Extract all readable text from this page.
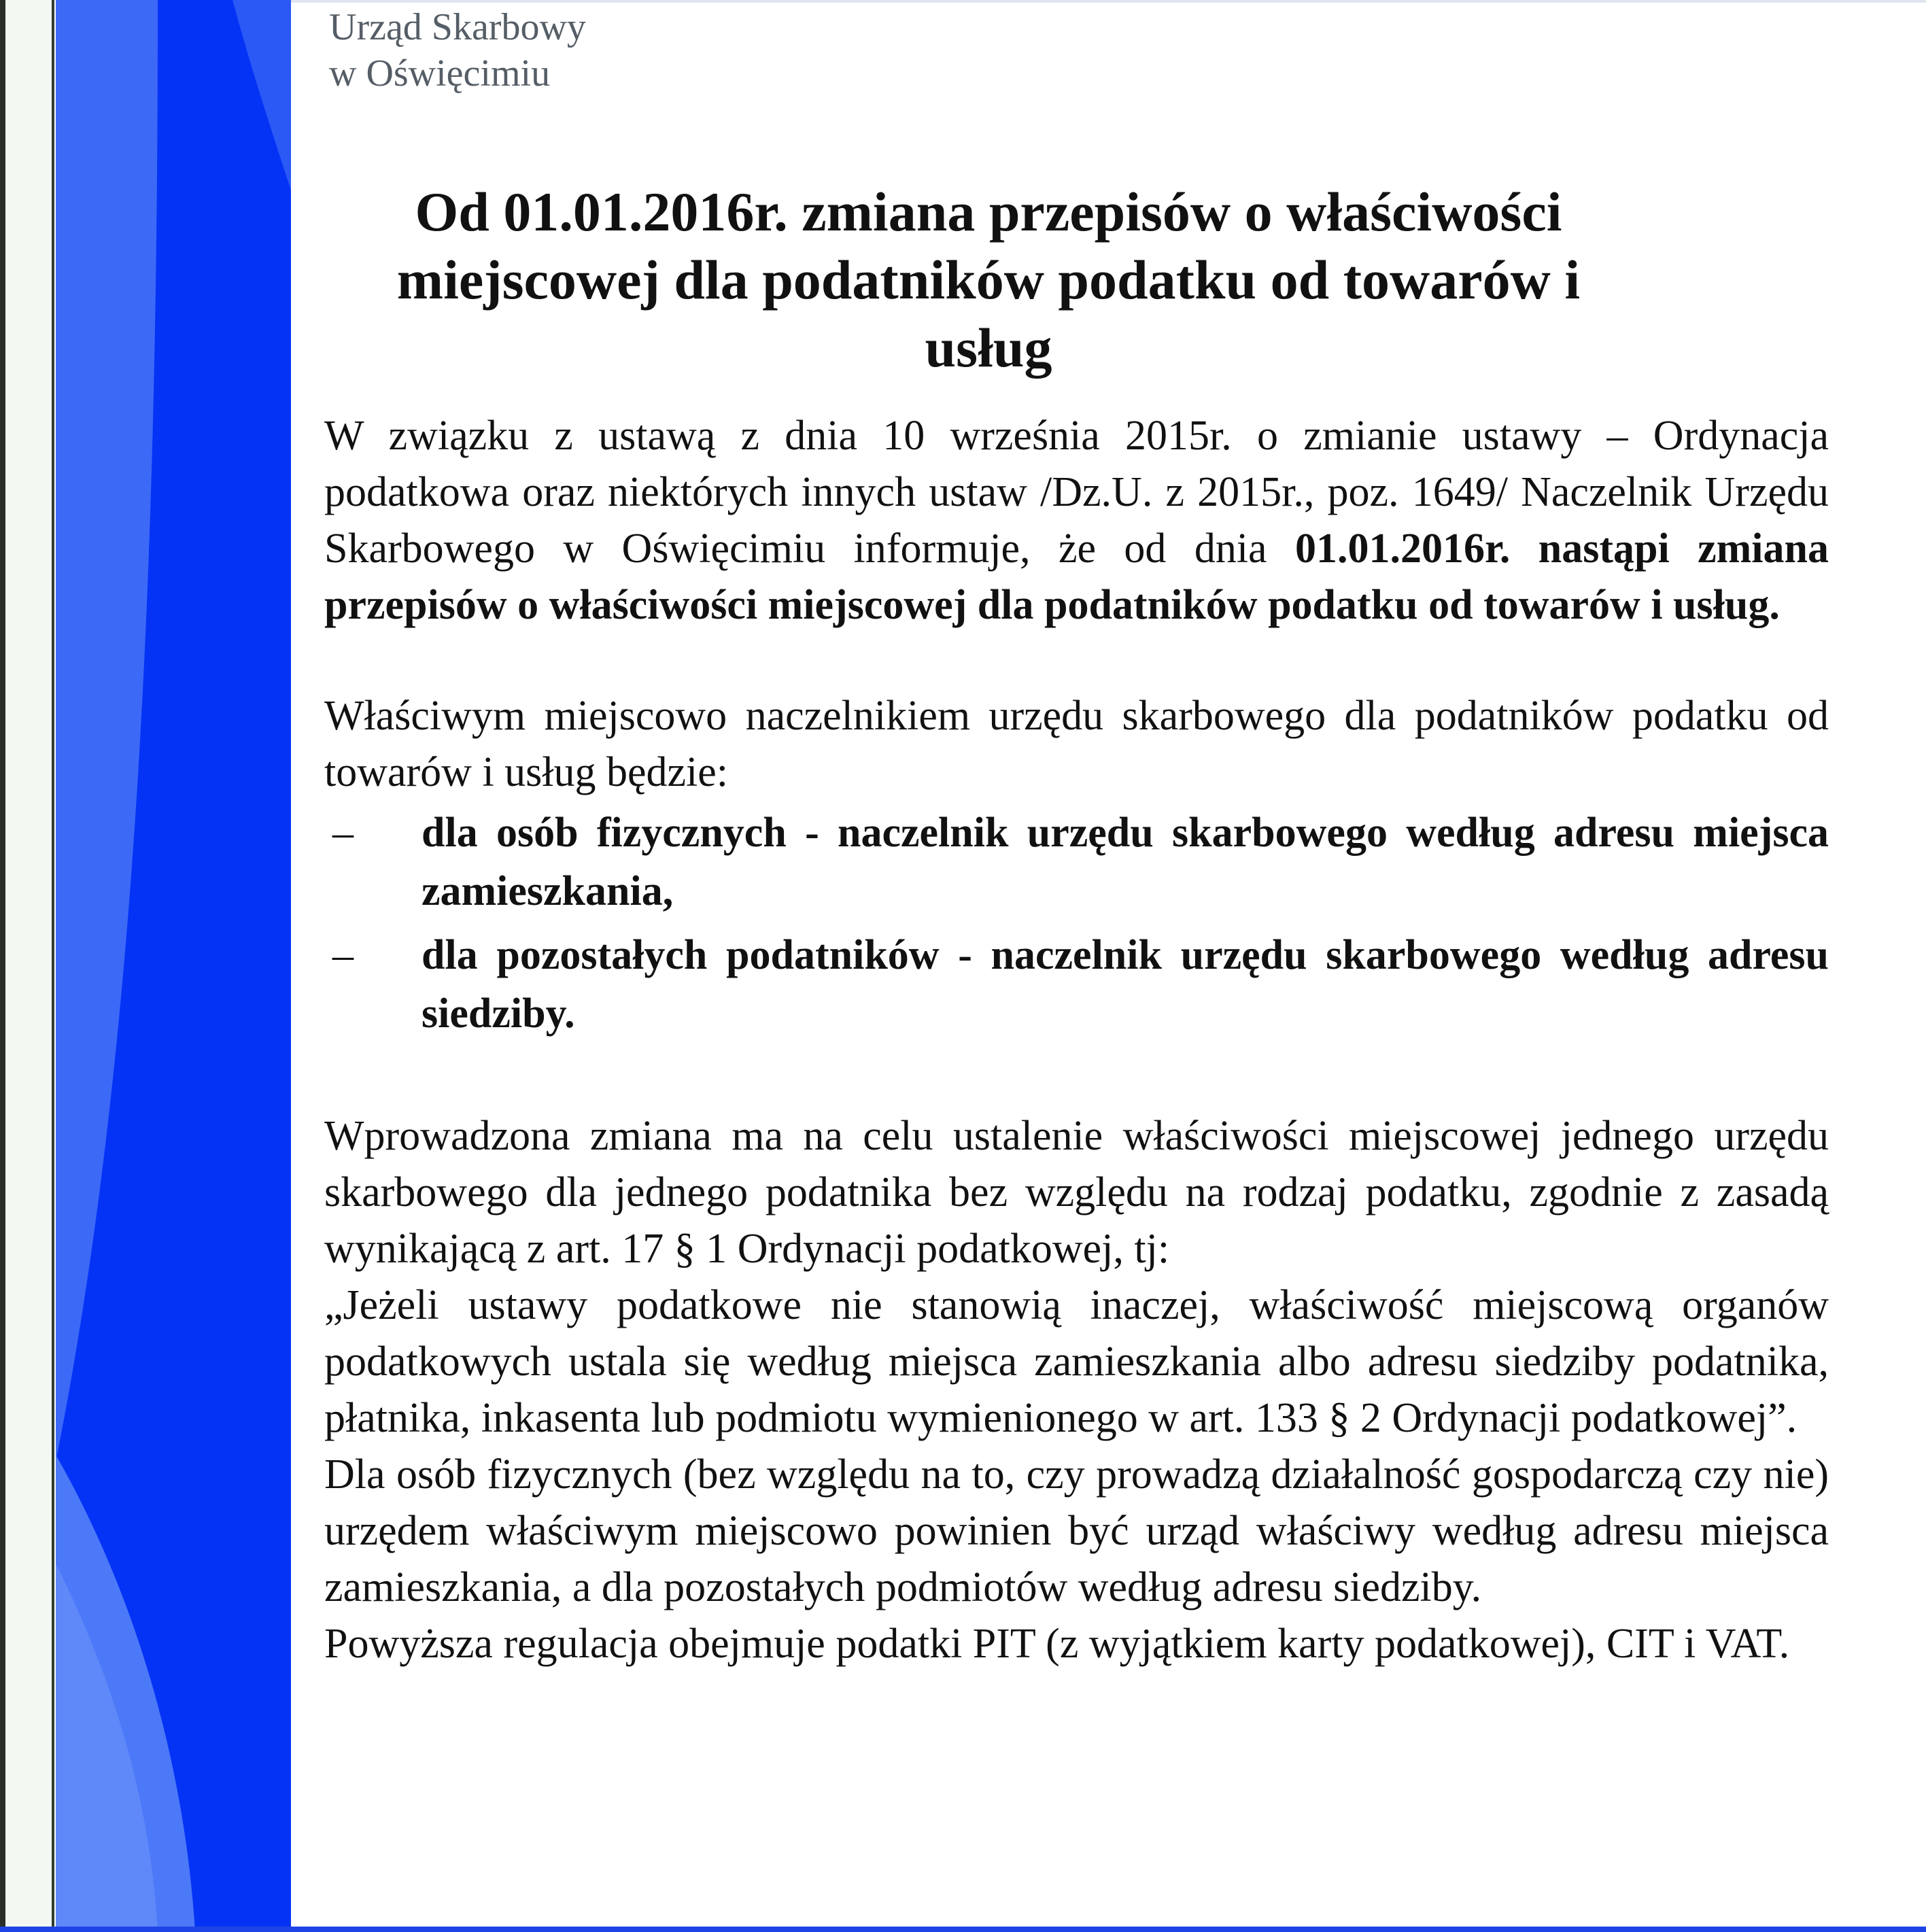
Urząd Skarbowy
w Oświęcimiu
Od 01.01.2016r. zmiana przepisów o właściwości miejscowej dla podatników podatku od towarów i usług

W związku z ustawą z dnia 10 września 2015r. o zmianie ustawy – Ordynacja podatkowa oraz niektórych innych ustaw /Dz.U. z 2015r., poz. 1649/ Naczelnik Urzędu Skarbowego w Oświęcimiu informuje, że od dnia 01.01.2016r. nastąpi zmiana przepisów o właściwości miejscowej dla podatników podatku od towarów i usług.

Właściwym miejscowo naczelnikiem urzędu skarbowego dla podatników podatku od towarów i usług będzie:

– dla osób fizycznych - naczelnik urzędu skarbowego według adresu miejsca zamieszkania,
– dla pozostałych podatników - naczelnik urzędu skarbowego według adresu siedziby.

Wprowadzona zmiana ma na celu ustalenie właściwości miejscowej jednego urzędu skarbowego dla jednego podatnika bez względu na rodzaj podatku, zgodnie z zasadą wynikającą z art. 17 § 1 Ordynacji podatkowej, tj:

„Jeżeli ustawy podatkowe nie stanowią inaczej, właściwość miejscową organów podatkowych ustala się według miejsca zamieszkania albo adresu siedziby podatnika, płatnika, inkasenta lub podmiotu wymienionego w art. 133 § 2 Ordynacji podatkowej”.

Dla osób fizycznych (bez względu na to, czy prowadzą działalność gospodarczą czy nie) urzędem właściwym miejscowo powinien być urząd właściwy według adresu miejsca zamieszkania, a dla pozostałych podmiotów według adresu siedziby.

Powyższa regulacja obejmuje podatki PIT (z wyjątkiem karty podatkowej), CIT i VAT.
